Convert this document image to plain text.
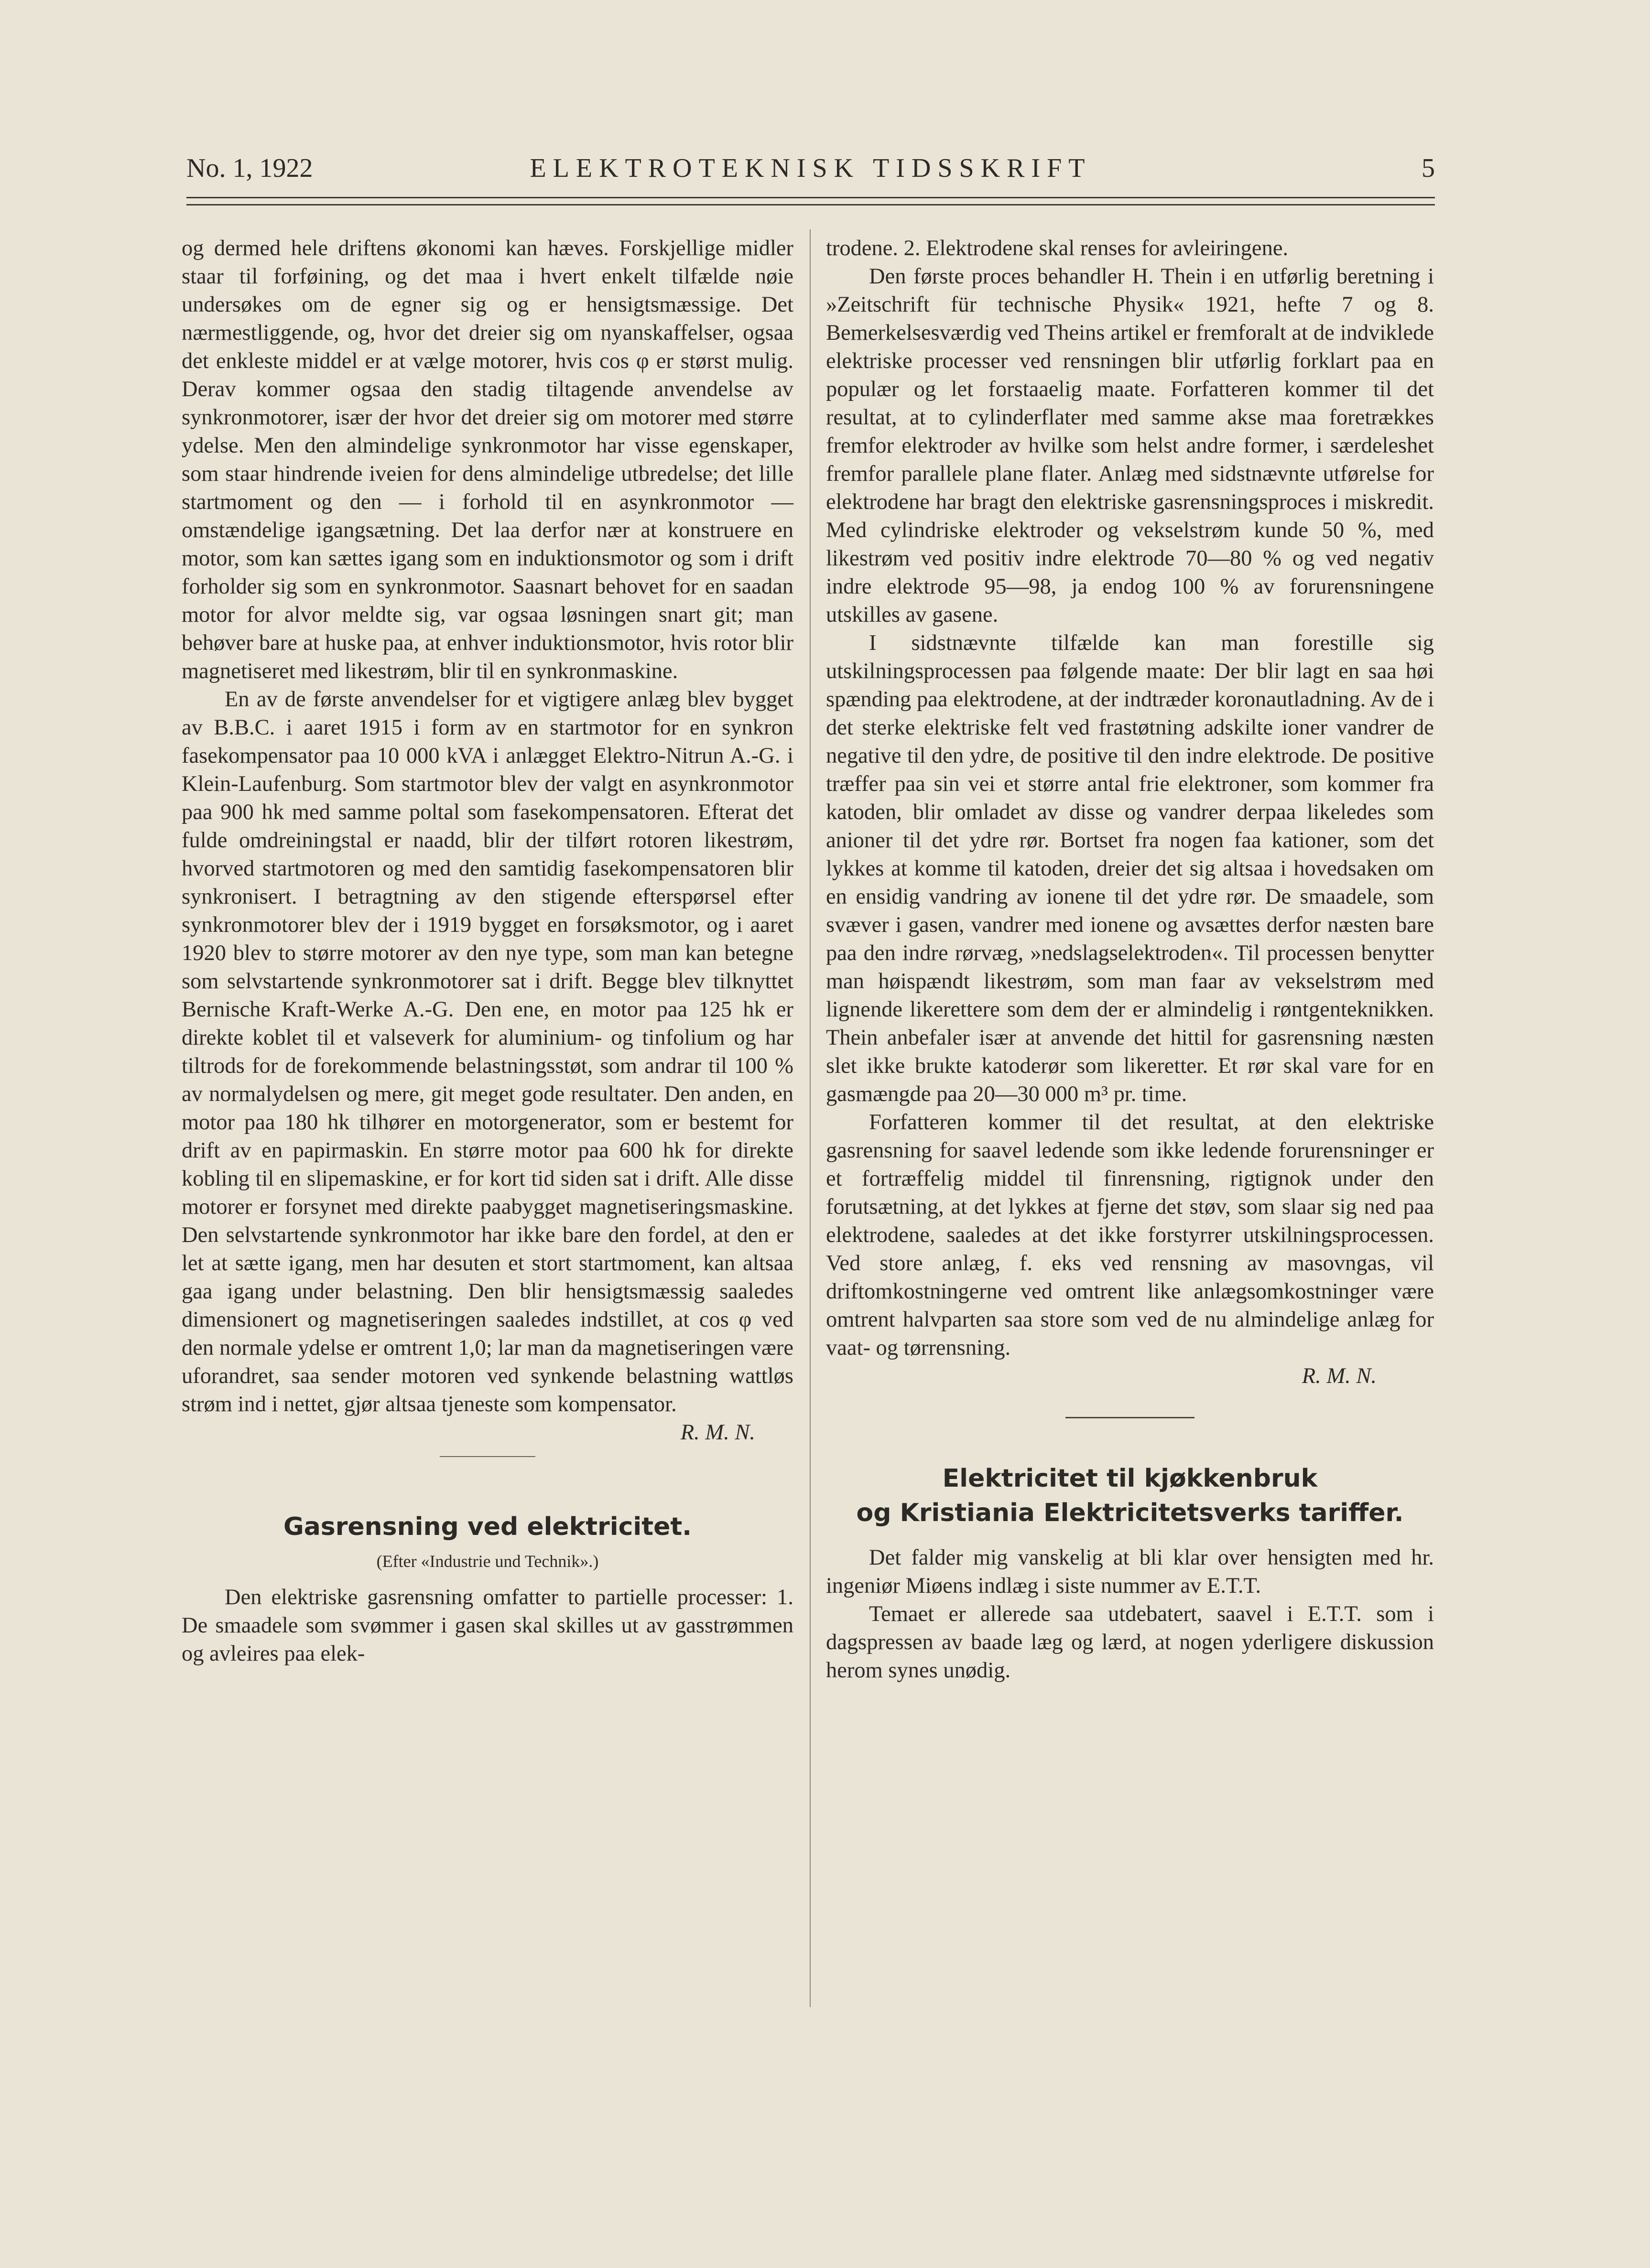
No. 1, 1922	ELEKTROTEKNISK TIDSSKRIFT	5

og dermed hele driftens økonomi kan hæves. Forskjellige midler staar til forføining, og det maa i hvert enkelt tilfælde nøie undersøkes om de egner sig og er hensigtsmæssige. Det nærmestliggende, og, hvor det dreier sig om nyanskaffelser, ogsaa det enkleste middel er at vælge motorer, hvis cos φ er størst mulig. Derav kommer ogsaa den stadig tiltagende anvendelse av synkronmotorer, især der hvor det dreier sig om motorer med større ydelse. Men den almindelige synkronmotor har visse egenskaper, som staar hindrende iveien for dens almindelige utbredelse; det lille startmoment og den — i forhold til en asynkronmotor — omstændelige igangsætning. Det laa derfor nær at konstruere en motor, som kan sættes igang som en induktionsmotor og som i drift forholder sig som en synkronmotor. Saasnart behovet for en saadan motor for alvor meldte sig, var ogsaa løsningen snart git; man behøver bare at huske paa, at enhver induktionsmotor, hvis rotor blir magnetiseret med likestrøm, blir til en synkronmaskine.

En av de første anvendelser for et vigtigere anlæg blev bygget av B.B.C. i aaret 1915 i form av en startmotor for en synkron fasekompensator paa 10 000 kVA i anlægget Elektro-Nitrun A.-G. i Klein-Laufenburg. Som startmotor blev der valgt en asynkronmotor paa 900 hk med samme poltal som fasekompensatoren. Efterat det fulde omdreiningstal er naadd, blir der tilført rotoren likestrøm, hvorved startmotoren og med den samtidig fasekompensatoren blir synkronisert. I betragtning av den stigende efterspørsel efter synkronmotorer blev der i 1919 bygget en forsøksmotor, og i aaret 1920 blev to større motorer av den nye type, som man kan betegne som selvstartende synkronmotorer sat i drift. Begge blev tilknyttet Bernische Kraft-Werke A.-G. Den ene, en motor paa 125 hk er direkte koblet til et valseverk for aluminium- og tinfolium og har tiltrods for de forekommende belastningsstøt, som andrar til 100 % av normalydelsen og mere, git meget gode resultater. Den anden, en motor paa 180 hk tilhører en motorgenerator, som er bestemt for drift av en papirmaskin. En større motor paa 600 hk for direkte kobling til en slipemaskine, er for kort tid siden sat i drift. Alle disse motorer er forsynet med direkte paabygget magnetiseringsmaskine. Den selvstartende synkronmotor har ikke bare den fordel, at den er let at sætte igang, men har desuten et stort startmoment, kan altsaa gaa igang under belastning. Den blir hensigtsmæssig saaledes dimensionert og magnetiseringen saaledes indstillet, at cos φ ved den normale ydelse er omtrent 1,0; lar man da magnetiseringen være uforandret, saa sender motoren ved synkende belastning wattløs strøm ind i nettet, gjør altsaa tjeneste som kompensator.

R. M. N.

Gasrensning ved elektricitet.
(Efter «Industrie und Technik».)

Den elektriske gasrensning omfatter to partielle processer: 1. De smaadele som svømmer i gasen skal skilles ut av gasstrømmen og avleires paa elek-

trodene. 2. Elektrodene skal renses for avleiringene.

Den første proces behandler H. Thein i en utførlig beretning i »Zeitschrift für technische Physik« 1921, hefte 7 og 8. Bemerkelsesværdig ved Theins artikel er fremforalt at de indviklede elektriske processer ved rensningen blir utførlig forklart paa en populær og let forstaaelig maate. Forfatteren kommer til det resultat, at to cylinderflater med samme akse maa foretrækkes fremfor elektroder av hvilke som helst andre former, i særdeleshet fremfor parallele plane flater. Anlæg med sidstnævnte utførelse for elektrodene har bragt den elektriske gasrensningsproces i miskredit. Med cylindriske elektroder og vekselstrøm kunde 50 %, med likestrøm ved positiv indre elektrode 70—80 % og ved negativ indre elektrode 95—98, ja endog 100 % av forurensningene utskilles av gasene.

I sidstnævnte tilfælde kan man forestille sig utskilningsprocessen paa følgende maate: Der blir lagt en saa høi spænding paa elektrodene, at der indtræder koronautladning. Av de i det sterke elektriske felt ved frastøtning adskilte ioner vandrer de negative til den ydre, de positive til den indre elektrode. De positive træffer paa sin vei et større antal frie elektroner, som kommer fra katoden, blir omladet av disse og vandrer derpaa likeledes som anioner til det ydre rør. Bortset fra nogen faa kationer, som det lykkes at komme til katoden, dreier det sig altsaa i hovedsaken om en ensidig vandring av ionene til det ydre rør. De smaadele, som svæver i gasen, vandrer med ionene og avsættes derfor næsten bare paa den indre rørvæg, »nedslagselektroden«. Til processen benytter man høispændt likestrøm, som man faar av vekselstrøm med lignende likerettere som dem der er almindelig i røntgenteknikken. Thein anbefaler især at anvende det hittil for gasrensning næsten slet ikke brukte katoderør som likeretter. Et rør skal vare for en gasmængde paa 20—30 000 m³ pr. time.

Forfatteren kommer til det resultat, at den elektriske gasrensning for saavel ledende som ikke ledende forurensninger er et fortræffelig middel til finrensning, rigtignok under den forutsætning, at det lykkes at fjerne det støv, som slaar sig ned paa elektrodene, saaledes at det ikke forstyrrer utskilningsprocessen. Ved store anlæg, f. eks ved rensning av masovngas, vil driftomkostningerne ved omtrent like anlægsomkostninger være omtrent halvparten saa store som ved de nu almindelige anlæg for vaat- og tørrensning.

R. M. N.

Elektricitet til kjøkkenbruk
og Kristiania Elektricitetsverks tariffer.

Det falder mig vanskelig at bli klar over hensigten med hr. ingeniør Miøens indlæg i siste nummer av E.T.T.

Temaet er allerede saa utdebatert, saavel i E.T.T. som i dagspressen av baade læg og lærd, at nogen yderligere diskussion herom synes unødig.
